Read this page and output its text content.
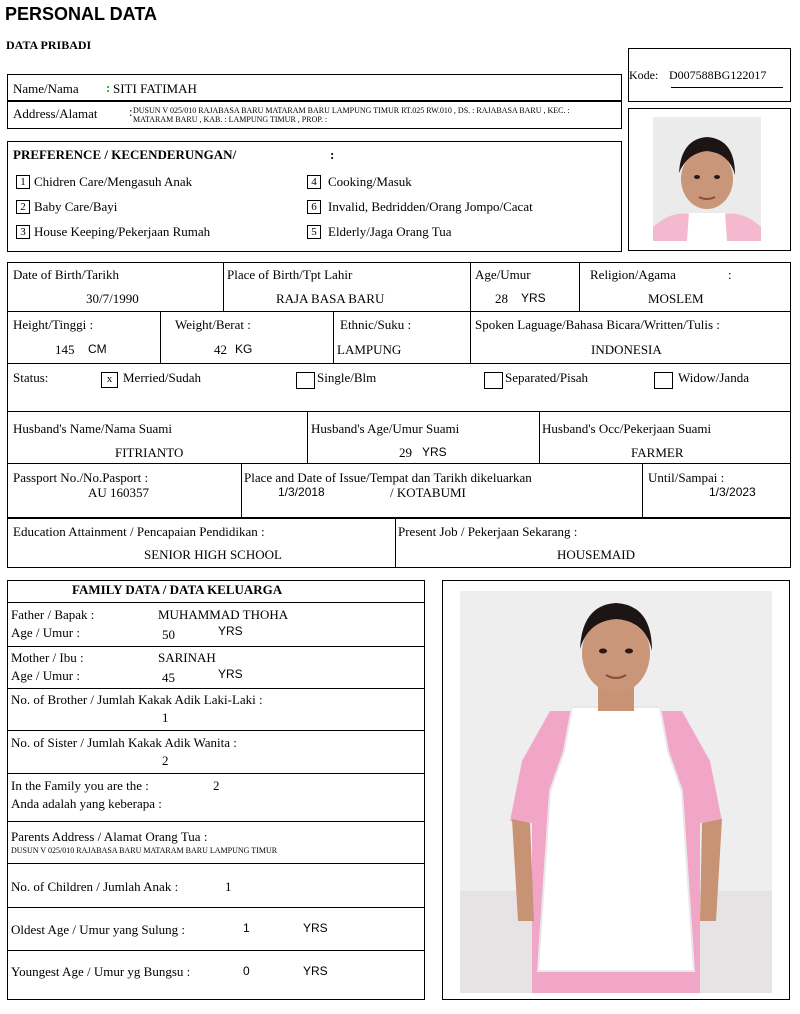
PERSONAL DATA
DATA PRIBADI
Kode: D007588BG122017
Name/Nama : SITI FATIMAH
Address/Alamat : DUSUN V 025/010 RAJABASA BARU MATARAM BARU LAMPUNG TIMUR RT.025 RW.010 , DS. : RAJABASA BARU , KEC. : MATARAM BARU , KAB. : LAMPUNG TIMUR , PROP. :
PREFERENCE / KECENDERUNGAN/	:
1 Chidren Care/Mengasuh Anak
2 Baby Care/Bayi
3 House Keeping/Pekerjaan Rumah
4 Cooking/Masuk
6 Invalid, Bedridden/Orang Jompo/Cacat
5 Elderly/Jaga Orang Tua
Date of Birth/Tarikh
30/7/1990
Place of Birth/Tpt Lahir
RAJA BASA BARU
Age/Umur
28 YRS
Religion/Agama	:
MOSLEM
Height/Tinggi :
145 CM
Weight/Berat :
42 KG
Ethnic/Suku :
LAMPUNG
Spoken Laguage/Bahasa Bicara/Written/Tulis :
INDONESIA
Status:	x Merried/Sudah	Single/Blm	Separated/Pisah	Widow/Janda
Husband's Name/Nama Suami
FITRIANTO
Husband's Age/Umur Suami
29 YRS
Husband's Occ/Pekerjaan Suami
FARMER
Passport No./No.Pasport :
AU 160357
Place and Date of Issue/Tempat dan Tarikh dikeluarkan
1/3/2018	/ KOTABUMI
Until/Sampai :
1/3/2023
Education Attainment / Pencapaian Pendidikan :
SENIOR HIGH SCHOOL
Present Job / Pekerjaan Sekarang :
HOUSEMAID
FAMILY DATA / DATA KELUARGA
Father / Bapak :	MUHAMMAD THOHA
Age / Umur :	50	YRS
Mother / Ibu :	SARINAH
Age / Umur :	45	YRS
No. of Brother / Jumlah Kakak Adik Laki-Laki :
1
No. of Sister / Jumlah Kakak Adik Wanita :
2
In the Family you are the :	2
Anda adalah yang keberapa :
Parents Address / Alamat Orang Tua :
DUSUN V 025/010 RAJABASA BARU MATARAM BARU LAMPUNG TIMUR
No. of Children / Jumlah Anak :	1
Oldest Age / Umur yang Sulung :	1	YRS
Youngest Age / Umur yg Bungsu :	0	YRS
